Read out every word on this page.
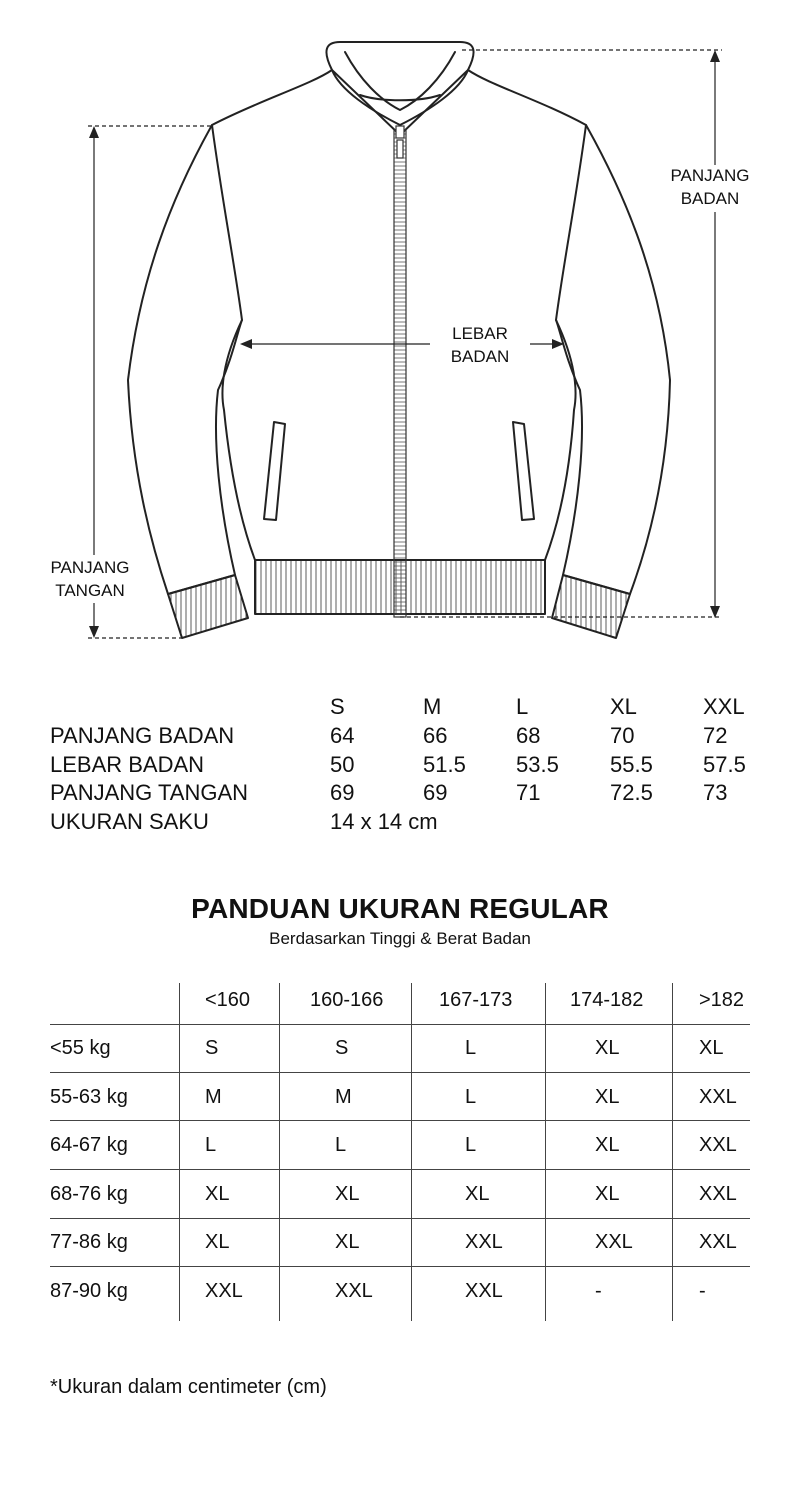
PANJANG
BADAN
LEBAR
BADAN
PANJANG
TANGAN
S	M	L	XL	XXL
PANJANG BADAN	64	66	68	70	72
LEBAR BADAN	50	51.5 53.5 55.5 57.5
PANJANG TANGAN	69	69	71	72.5 73
UKURAN SAKU	14 x 14 cm
PANDUAN UKURAN REGULAR
Berdasarkan Tinggi & Berat Badan
<160	160-166	167-173	174-182	>182
<55 kg	S	S	L	XL	XL
55-63 kg	M	M	L	XL	XXL
64-67 kg	L	L	L	XL	XXL
68-76 kg	XL	XL	XL	XL	XXL
77-86 kg	XL	XL	XXL	XXL	XXL
87-90 kg	XXL	XXL	XXL	-	-
*Ukuran dalam centimeter (cm)
